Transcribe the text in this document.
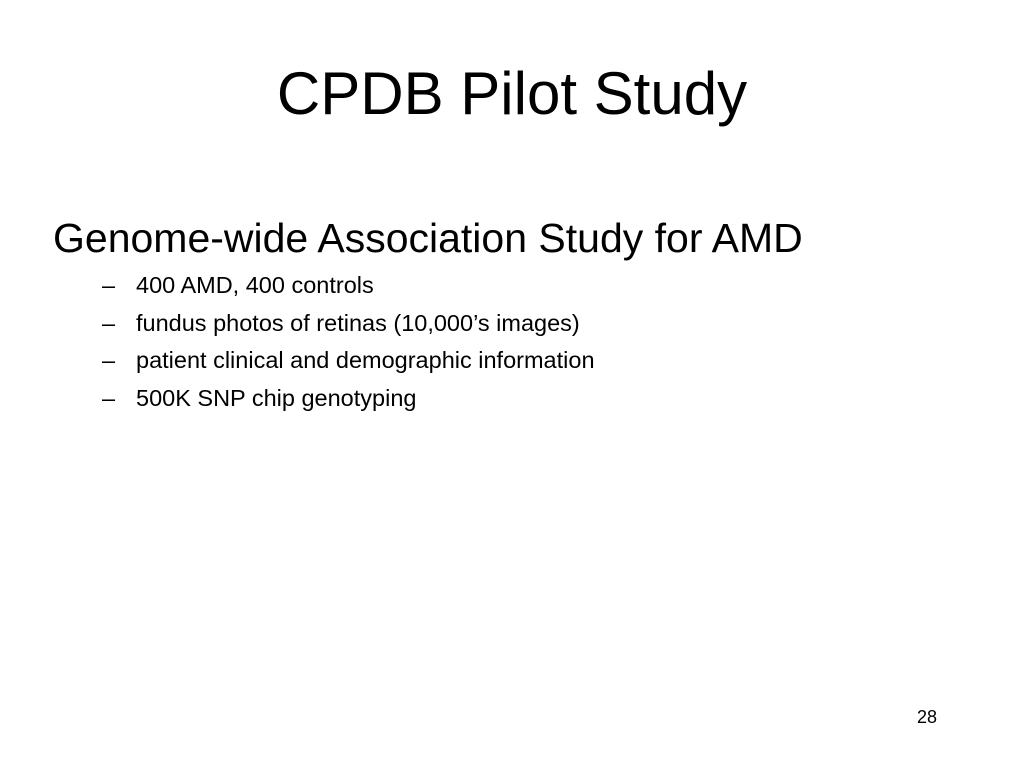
CPDB Pilot Study
Genome-wide Association Study for AMD
– 400 AMD, 400 controls
– fundus photos of retinas (10,000’s images)
– patient clinical and demographic information
– 500K SNP chip genotyping
28
